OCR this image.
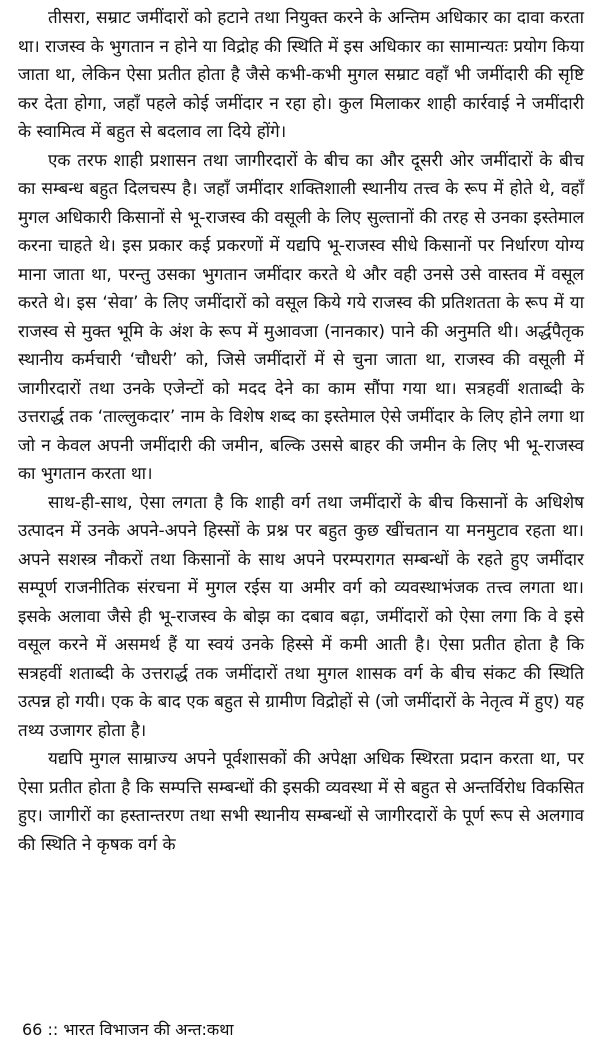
तीसरा, सम्राट जमींदारों को हटाने तथा नियुक्त करने के अन्तिम अधिकार का दावा करता था। राजस्व के भुगतान न होने या विद्रोह की स्थिति में इस अधिकार का सामान्यतः प्रयोग किया जाता था, लेकिन ऐसा प्रतीत होता है जैसे कभी-कभी मुगल सम्राट वहाँ भी जमींदारी की सृष्टि कर देता होगा, जहाँ पहले कोई जमींदार न रहा हो। कुल मिलाकर शाही कार्रवाई ने जमींदारी के स्वामित्व में बहुत से बदलाव ला दिये होंगे।

एक तरफ शाही प्रशासन तथा जागीरदारों के बीच का और दूसरी ओर जमींदारों के बीच का सम्बन्ध बहुत दिलचस्प है। जहाँ जमींदार शक्तिशाली स्थानीय तत्त्व के रूप में होते थे, वहाँ मुगल अधिकारी किसानों से भू-राजस्व की वसूली के लिए सुल्तानों की तरह से उनका इस्तेमाल करना चाहते थे। इस प्रकार कई प्रकरणों में यद्यपि भू-राजस्व सीधे किसानों पर निर्धारण योग्य माना जाता था, परन्तु उसका भुगतान जमींदार करते थे और वही उनसे उसे वास्तव में वसूल करते थे। इस ‘सेवा’ के लिए जमींदारों को वसूल किये गये राजस्व की प्रतिशतता के रूप में या राजस्व से मुक्त भूमि के अंश के रूप में मुआवजा (नानकार) पाने की अनुमति थी। अर्द्धपैतृक स्थानीय कर्मचारी ‘चौधरी’ को, जिसे जमींदारों में से चुना जाता था, राजस्व की वसूली में जागीरदारों तथा उनके एजेन्टों को मदद देने का काम सौंपा गया था। सत्रहवीं शताब्दी के उत्तरार्द्ध तक ‘ताल्लुकदार’ नाम के विशेष शब्द का इस्तेमाल ऐसे जमींदार के लिए होने लगा था जो न केवल अपनी जमींदारी की जमीन, बल्कि उससे बाहर की जमीन के लिए भी भू-राजस्व का भुगतान करता था।

साथ-ही-साथ, ऐसा लगता है कि शाही वर्ग तथा जमींदारों के बीच किसानों के अधिशेष उत्पादन में उनके अपने-अपने हिस्सों के प्रश्न पर बहुत कुछ खींचतान या मनमुटाव रहता था। अपने सशस्त्र नौकरों तथा किसानों के साथ अपने परम्परागत सम्बन्धों के रहते हुए जमींदार सम्पूर्ण राजनीतिक संरचना में मुगल रईस या अमीर वर्ग को व्यवस्थाभंजक तत्त्व लगता था। इसके अलावा जैसे ही भू-राजस्व के बोझ का दबाव बढ़ा, जमींदारों को ऐसा लगा कि वे इसे वसूल करने में असमर्थ हैं या स्वयं उनके हिस्से में कमी आती है। ऐसा प्रतीत होता है कि सत्रहवीं शताब्दी के उत्तरार्द्ध तक जमींदारों तथा मुगल शासक वर्ग के बीच संकट की स्थिति उत्पन्न हो गयी। एक के बाद एक बहुत से ग्रामीण विद्रोहों से (जो जमींदारों के नेतृत्व में हुए) यह तथ्य उजागर होता है।

यद्यपि मुगल साम्राज्य अपने पूर्वशासकों की अपेक्षा अधिक स्थिरता प्रदान करता था, पर ऐसा प्रतीत होता है कि सम्पत्ति सम्बन्धों की इसकी व्यवस्था में से बहुत से अन्तर्विरोध विकसित हुए। जागीरों का हस्तान्तरण तथा सभी स्थानीय सम्बन्धों से जागीरदारों के पूर्ण रूप से अलगाव की स्थिति ने कृषक वर्ग के

66 :: भारत विभाजन की अन्त:कथा
